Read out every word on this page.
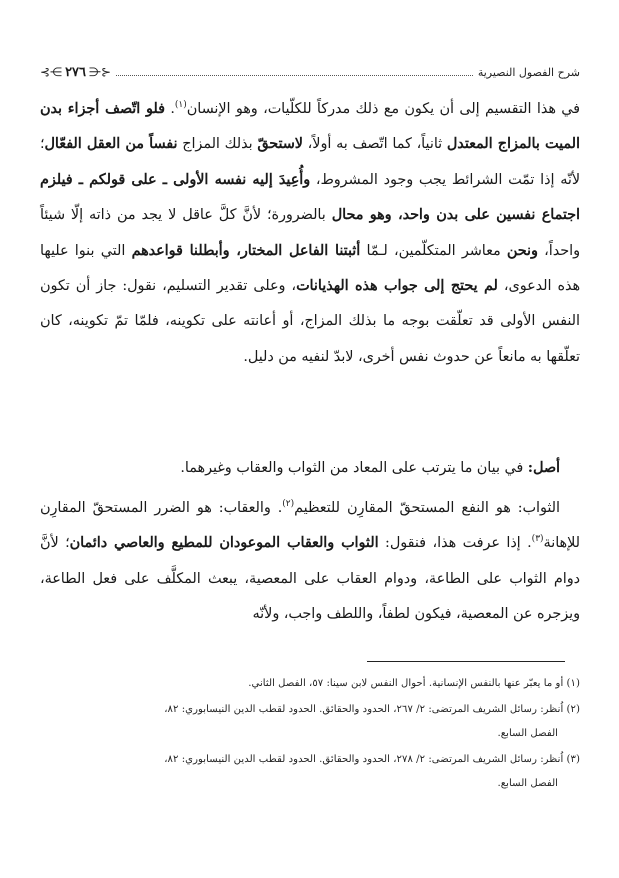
⊰⋲ ٢٧٦ ⋺⊱	شرح الفصول النصيرية

في هذا التقسيم إلى أن يكون مع ذلك مدركاً للكلّيات، وهو الإنسان$^{(١)}$. فلو اتّصف أجزاء بدن الميت بالمزاج المعتدل ثانياً، كما اتّصف به أولاً، لاستحقّ بذلك المزاج نفساً من العقل الفعّال؛ لأنّه إذا تمّت الشرائط يجب وجود المشروط، وأُعِيدَ إليه نفسه الأولى ـ على قولكم ـ فيلزم اجتماع نفسين على بدن واحد، وهو محال بالضرورة؛ لأنَّ كلَّ عاقل لا يجد من ذاته إلّا شيئاً واحداً، ونحن معاشر المتكلّمين، لـمّا أثبتنا الفاعل المختار، وأبطلنا قواعدهم التي بنوا عليها هذه الدعوى، لم يحتج إلى جواب هذه الهذيانات، وعلى تقدير التسليم، نقول: جاز أن تكون النفس الأولى قد تعلّقت بوجه ما بذلك المزاج، أو أعانته على تكوينه، فلمّا تمّ تكوينه، كان تعلّقها به مانعاً عن حدوث نفس أخرى، لابدّ لنفيه من دليل.

أصل: في بيان ما يترتب على المعاد من الثواب والعقاب وغيرهما.

الثواب: هو النفع المستحقّ المقارِن للتعظيم$^{(٢)}$. والعقاب: هو الضرر المستحقّ المقارِن للإهانة$^{(٣)}$. إذا عرفت هذا، فنقول: الثواب والعقاب الموعودان للمطيع والعاصي دائمان؛ لأنَّ دوام الثواب على الطاعة، ودوام العقاب على المعصية، يبعث المكلَّف على فعل الطاعة، ويزجره عن المعصية، فيكون لطفاً، واللطف واجب، ولأنّه

(١) أو ما يعبّر عنها بالنفس الإنسانية. أحوال النفس لابن سينا: ٥٧، الفصل الثاني.
(٢) اُنظر: رسائل الشريف المرتضى: ٢/ ٢٦٧، الحدود والحقائق. الحدود لقطب الدين النيسابوري: ٨٢،
الفصل السابع.
(٣) اُنظر: رسائل الشريف المرتضى: ٢/ ٢٧٨، الحدود والحقائق. الحدود لقطب الدين النيسابوري: ٨٢،
الفصل السابع.
